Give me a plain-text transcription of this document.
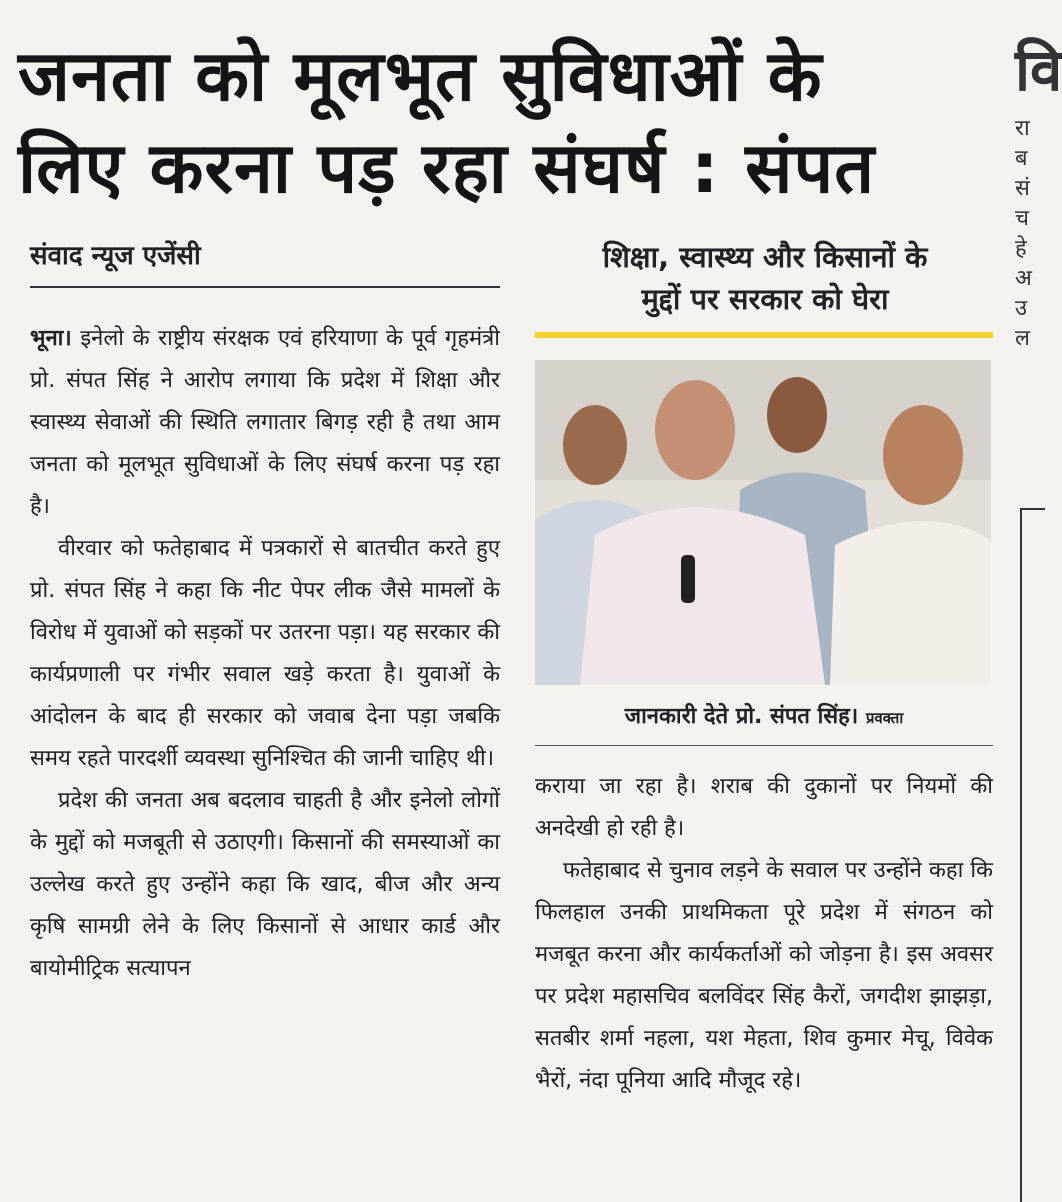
जनता को मूलभूत सुविधाओं के
लिए करना पड़ रहा संघर्ष : संपत
संवाद न्यूज एजेंसी	शिक्षा, स्वास्थ्य और किसानों के
मुद्दों पर सरकार को घेरा

भूना। इनेलो के राष्ट्रीय संरक्षक एवं हरियाणा के पूर्व गृहमंत्री प्रो. संपत सिंह ने आरोप लगाया कि प्रदेश में शिक्षा और स्वास्थ्य सेवाओं की स्थिति लगातार बिगड़ रही है तथा आम जनता को मूलभूत सुविधाओं के लिए संघर्ष करना पड़ रहा है।

वीरवार को फतेहाबाद में पत्रकारों से बातचीत करते हुए प्रो. संपत सिंह ने कहा कि नीट पेपर लीक जैसे मामलों के विरोध में युवाओं को सड़कों पर उतरना पड़ा। यह सरकार की कार्यप्रणाली पर गंभीर सवाल खड़े करता है। युवाओं के आंदोलन के बाद ही सरकार को जवाब देना पड़ा जबकि समय रहते पारदर्शी व्यवस्था सुनिश्चित की जानी चाहिए थी।

प्रदेश की जनता अब बदलाव चाहती है और इनेलो लोगों के मुद्दों को मजबूती से उठाएगी। किसानों की समस्याओं का उल्लेख करते हुए उन्होंने कहा कि खाद, बीज और अन्य कृषि सामग्री लेने के लिए किसानों से आधार कार्ड और बायोमीट्रिक सत्यापन

जानकारी देते प्रो. संपत सिंह। प्रवक्ता

कराया जा रहा है। शराब की दुकानों पर नियमों की अनदेखी हो रही है।

फतेहाबाद से चुनाव लड़ने के सवाल पर उन्होंने कहा कि फिलहाल उनकी प्राथमिकता पूरे प्रदेश में संगठन को मजबूत करना और कार्यकर्ताओं को जोड़ना है। इस अवसर पर प्रदेश महासचिव बलविंदर सिंह कैरों, जगदीश झाझड़ा, सतबीर शर्मा नहला, यश मेहता, शिव कुमार मेचू, विवेक भैरों, नंदा पूनिया आदि मौजूद रहे।

वि
रा
ब
सं
च
हे
अ
उ
ल
